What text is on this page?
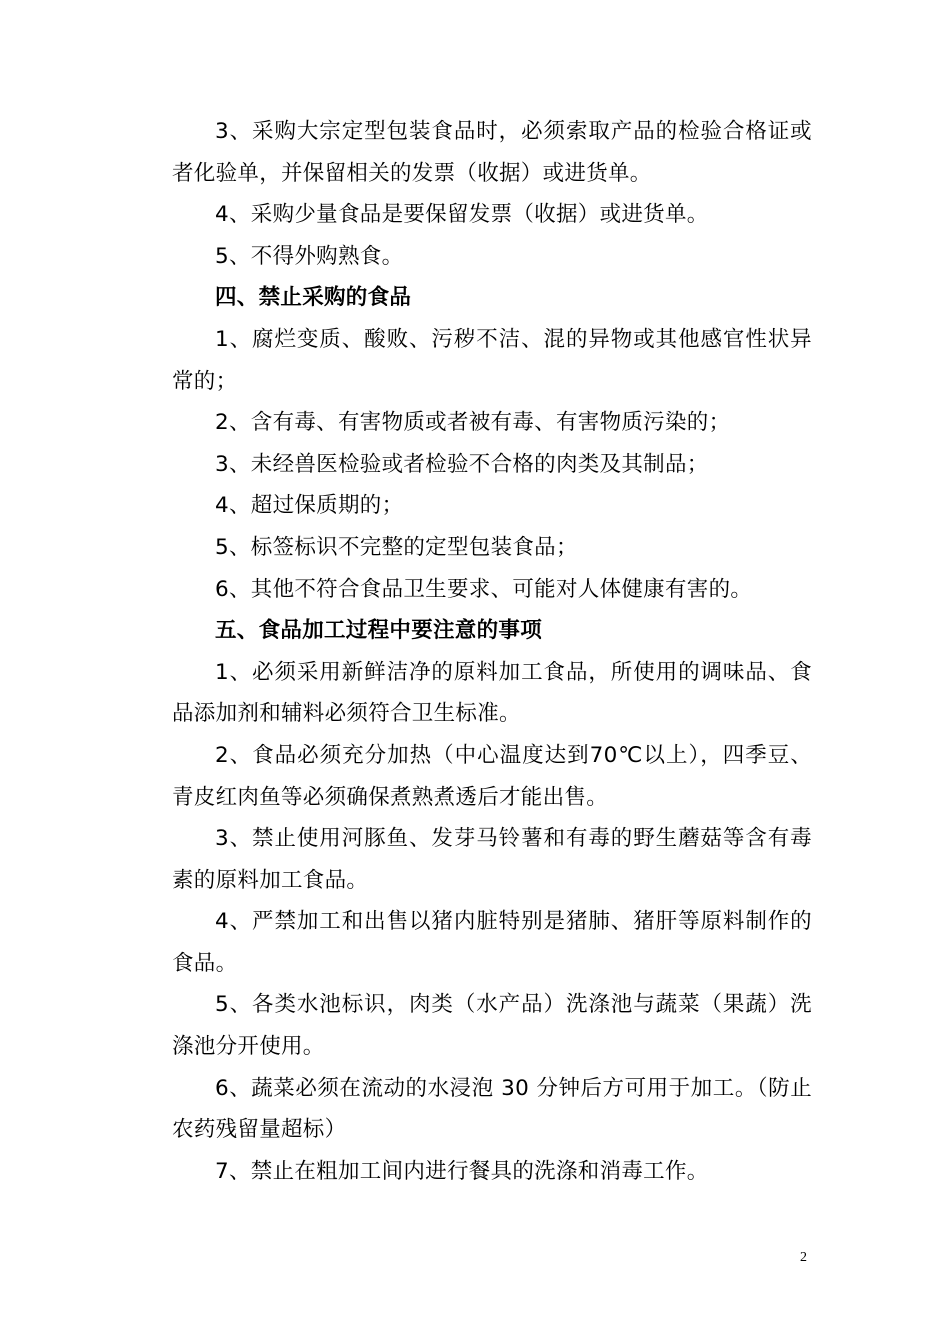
3、采购大宗定型包装食品时，必须索取产品的检验合格证或者化验单，并保留相关的发票（收据）或进货单。

4、采购少量食品是要保留发票（收据）或进货单。

5、不得外购熟食。

四、禁止采购的食品

1、腐烂变质、酸败、污秽不洁、混的异物或其他感官性状异常的；

2、含有毒、有害物质或者被有毒、有害物质污染的；

3、未经兽医检验或者检验不合格的肉类及其制品；

4、超过保质期的；

5、标签标识不完整的定型包装食品；

6、其他不符合食品卫生要求、可能对人体健康有害的。

五、食品加工过程中要注意的事项

1、必须采用新鲜洁净的原料加工食品，所使用的调味品、食品添加剂和辅料必须符合卫生标准。

2、食品必须充分加热（中心温度达到70℃以上），四季豆、青皮红肉鱼等必须确保煮熟煮透后才能出售。

3、禁止使用河豚鱼、发芽马铃薯和有毒的野生蘑菇等含有毒素的原料加工食品。

4、严禁加工和出售以猪内脏特别是猪肺、猪肝等原料制作的食品。

5、各类水池标识，肉类（水产品）洗涤池与蔬菜（果蔬）洗涤池分开使用。

6、蔬菜必须在流动的水浸泡 30 分钟后方可用于加工。（防止农药残留量超标）

7、禁止在粗加工间内进行餐具的洗涤和消毒工作。

2
